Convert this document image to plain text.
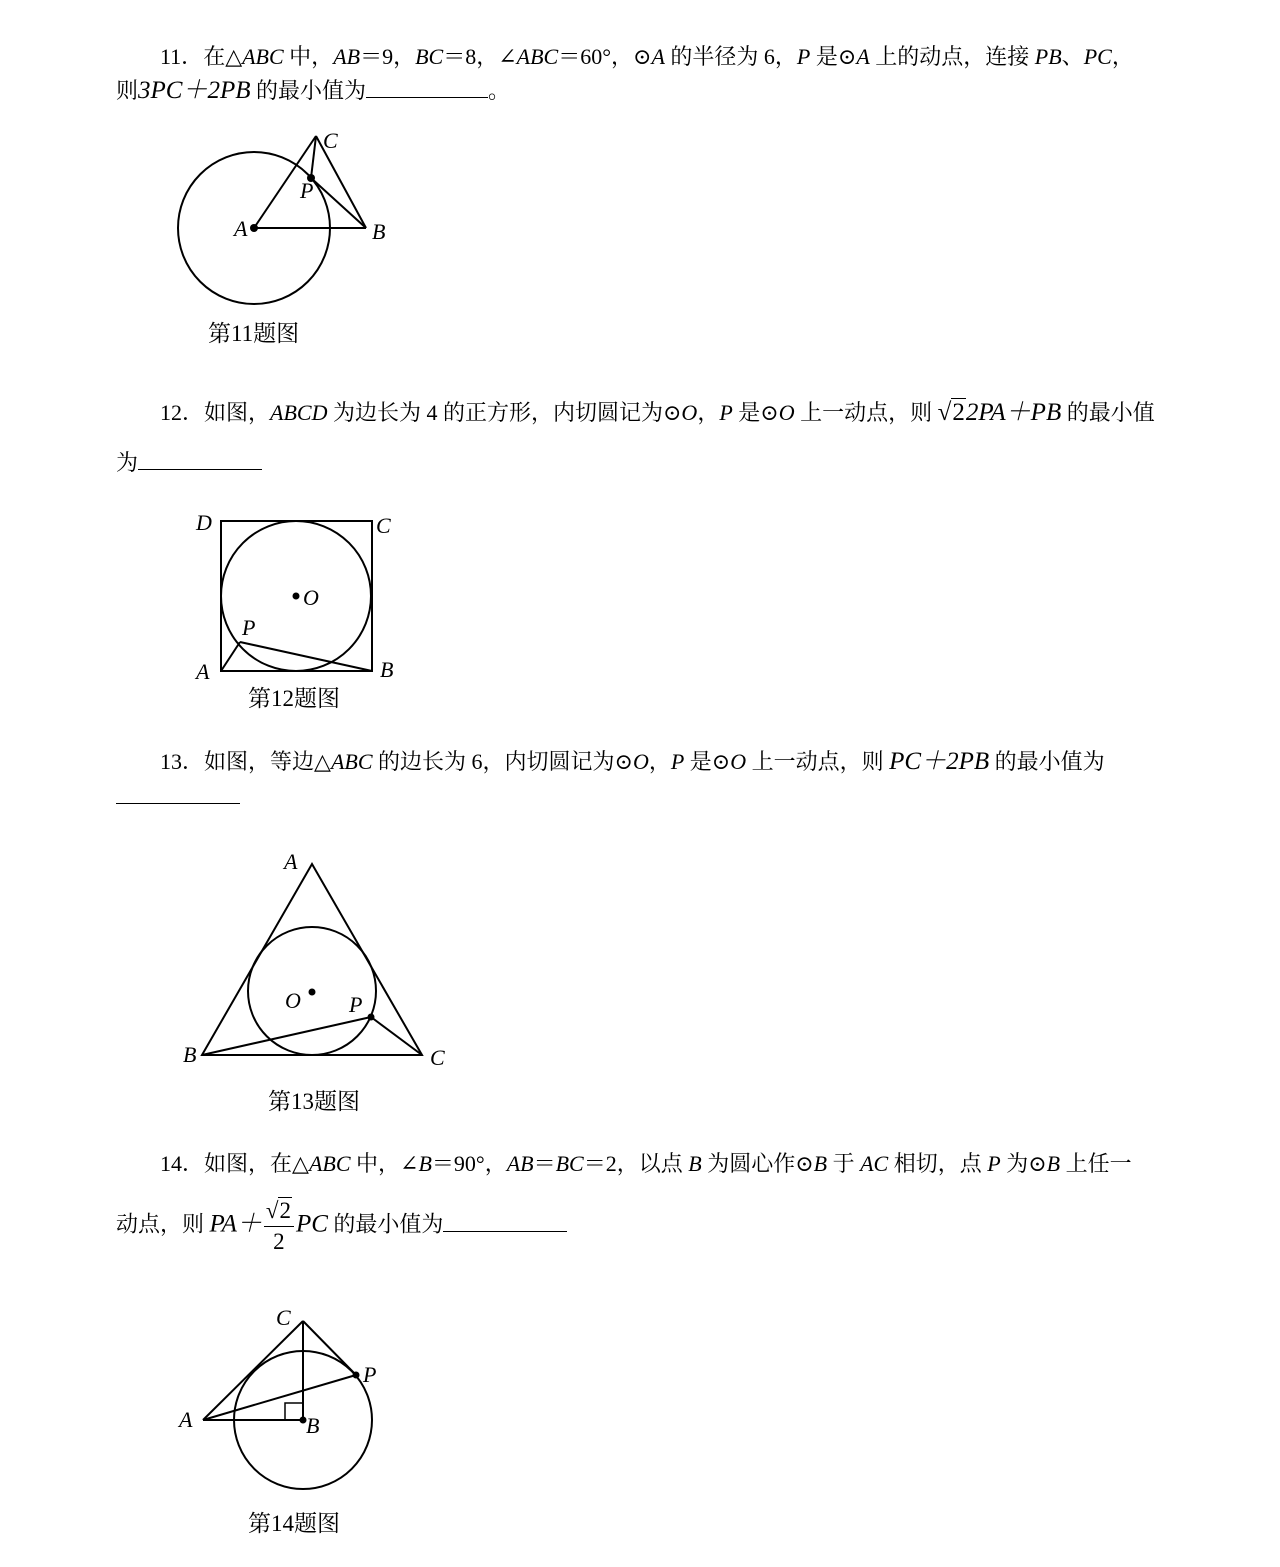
11．在△ABC 中，AB＝9，BC＝8，∠ABC＝60°，⊙A 的半径为 6，P 是⊙A 上的动点，连接 PB、PC，
则3PC＋2PB 的最小值为	。
A	B
C
P
第11题图
12．如图，ABCD 为边长为 4 的正方形，内切圆记为⊙O，P 是⊙O 上一动点，则 √22PA＋PB 的最小值
为
A	B
C
D
O
P
第12题图
13．如图，等边△ABC 的边长为 6，内切圆记为⊙O，P 是⊙O 上一动点，则 PC＋2PB 的最小值为
A
B	C
O P
第13题图
14．如图，在△ABC 中，∠B＝90°，AB＝BC＝2，以点 B 为圆心作⊙B 于 AC 相切，点 P 为⊙B 上任一
动点，则 $PA+ \frac{√2}{2}$ PC 的最小值为
A	B
C
P
第14题图
